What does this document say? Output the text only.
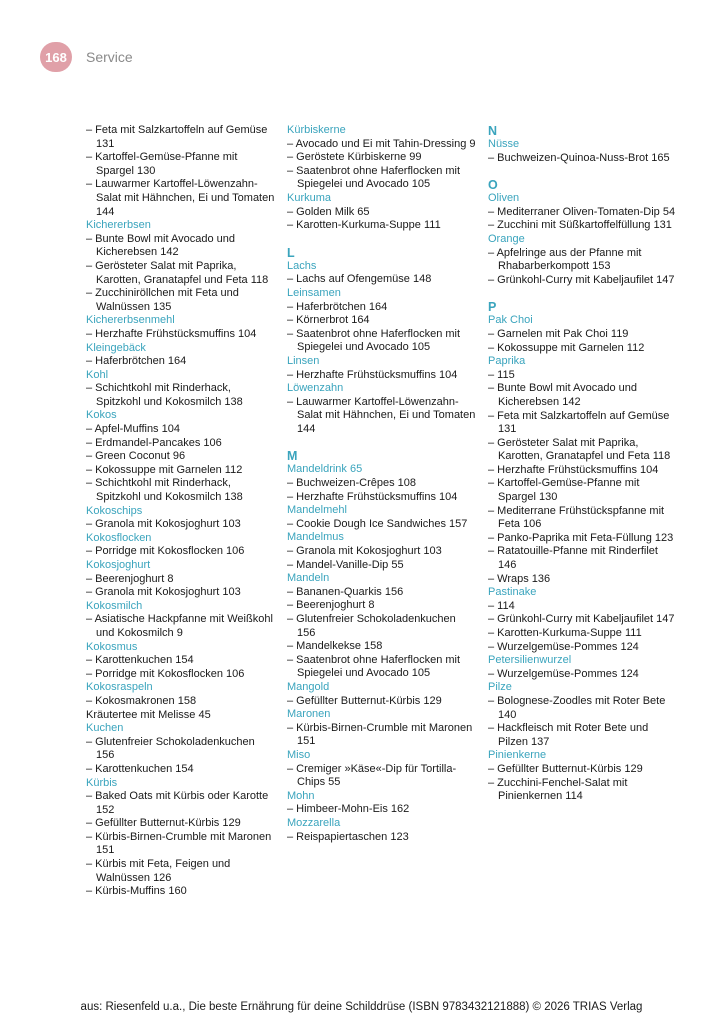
168	Service
– Feta mit Salzkartoffeln auf Gemüse 131
– Kartoffel-Gemüse-Pfanne mit Spargel 130
– Lauwarmer Kartoffel-Löwenzahn-Salat mit Hähnchen, Ei und Tomaten 144
Kichererbsen
– Bunte Bowl mit Avocado und Kicherebsen 142
– Gerösteter Salat mit Paprika, Karotten, Granatapfel und Feta 118
– Zucchiniröllchen mit Feta und Walnüssen 135
Kichererbsenmehl
– Herzhafte Frühstücksmuffins 104
Kleingebäck
– Haferbrötchen 164
Kohl
– Schichtkohl mit Rinderhack, Spitzkohl und Kokosmilch 138
Kokos
– Apfel-Muffins 104
– Erdmandel-Pancakes 106
– Green Coconut 96
– Kokossuppe mit Garnelen 112
– Schichtkohl mit Rinderhack, Spitzkohl und Kokosmilch 138
Kokoschips
– Granola mit Kokosjoghurt 103
Kokosflocken
– Porridge mit Kokosflocken 106
Kokosjoghurt
– Beerenjoghurt 8
– Granola mit Kokosjoghurt 103
Kokosmilch
– Asiatische Hackpfanne mit Weißkohl und Kokosmilch 9
Kokosmus
– Karottenkuchen 154
– Porridge mit Kokosflocken 106
Kokosraspeln
– Kokosmakronen 158
Kräutertee mit Melisse 45
Kuchen
– Glutenfreier Schokoladenkuchen 156
– Karottenkuchen 154
Kürbis
– Baked Oats mit Kürbis oder Karotte 152
– Gefüllter Butternut-Kürbis 129
– Kürbis-Birnen-Crumble mit Maronen 151
– Kürbis mit Feta, Feigen und Walnüssen 126
– Kürbis-Muffins 160
Kürbiskerne
– Avocado und Ei mit Tahin-Dressing 9
– Geröstete Kürbiskerne 99
– Saatenbrot ohne Haferflocken mit Spiegelei und Avocado 105
Kurkuma
– Golden Milk 65
– Karotten-Kurkuma-Suppe 111
L
Lachs
– Lachs auf Ofengemüse 148
Leinsamen
– Haferbrötchen 164
– Körnerbrot 164
– Saatenbrot ohne Haferflocken mit Spiegelei und Avocado 105
Linsen
– Herzhafte Frühstücksmuffins 104
Löwenzahn
– Lauwarmer Kartoffel-Löwenzahn-Salat mit Hähnchen, Ei und Tomaten 144
M
Mandeldrink 65
– Buchweizen-Crêpes 108
– Herzhafte Frühstücksmuffins 104
Mandelmehl
– Cookie Dough Ice Sandwiches 157
Mandelmus
– Granola mit Kokosjoghurt 103
– Mandel-Vanille-Dip 55
Mandeln
– Bananen-Quarkis 156
– Beerenjoghurt 8
– Glutenfreier Schokoladenkuchen 156
– Mandelkekse 158
– Saatenbrot ohne Haferflocken mit Spiegelei und Avocado 105
Mangold
– Gefüllter Butternut-Kürbis 129
Maronen
– Kürbis-Birnen-Crumble mit Maronen 151
Miso
– Cremiger »Käse«-Dip für Tortilla-Chips 55
Mohn
– Himbeer-Mohn-Eis 162
Mozzarella
– Reispapiertaschen 123
N
Nüsse
– Buchweizen-Quinoa-Nuss-Brot 165
O
Oliven
– Mediterraner Oliven-Tomaten-Dip 54
– Zucchini mit Süßkartoffelfüllung 131
Orange
– Apfelringe aus der Pfanne mit Rhabarberkompott 153
– Grünkohl-Curry mit Kabeljaufilet 147
P
Pak Choi
– Garnelen mit Pak Choi 119
– Kokossuppe mit Garnelen 112
Paprika
– 115
– Bunte Bowl mit Avocado und Kicherebsen 142
– Feta mit Salzkartoffeln auf Gemüse 131
– Gerösteter Salat mit Paprika, Karotten, Granatapfel und Feta 118
– Herzhafte Frühstücksmuffins 104
– Kartoffel-Gemüse-Pfanne mit Spargel 130
– Mediterrane Frühstückspfanne mit Feta 106
– Panko-Paprika mit Feta-Füllung 123
– Ratatouille-Pfanne mit Rinderfilet 146
– Wraps 136
Pastinake
– 114
– Grünkohl-Curry mit Kabeljaufilet 147
– Karotten-Kurkuma-Suppe 111
– Wurzelgemüse-Pommes 124
Petersilienwurzel
– Wurzelgemüse-Pommes 124
Pilze
– Bolognese-Zoodles mit Roter Bete 140
– Hackfleisch mit Roter Bete und Pilzen 137
Pinienkerne
– Gefüllter Butternut-Kürbis 129
– Zucchini-Fenchel-Salat mit Pinienkernen 114
aus: Riesenfeld u.a., Die beste Ernährung für deine Schilddrüse (ISBN 9783432121888) © 2026 TRIAS Verlag
